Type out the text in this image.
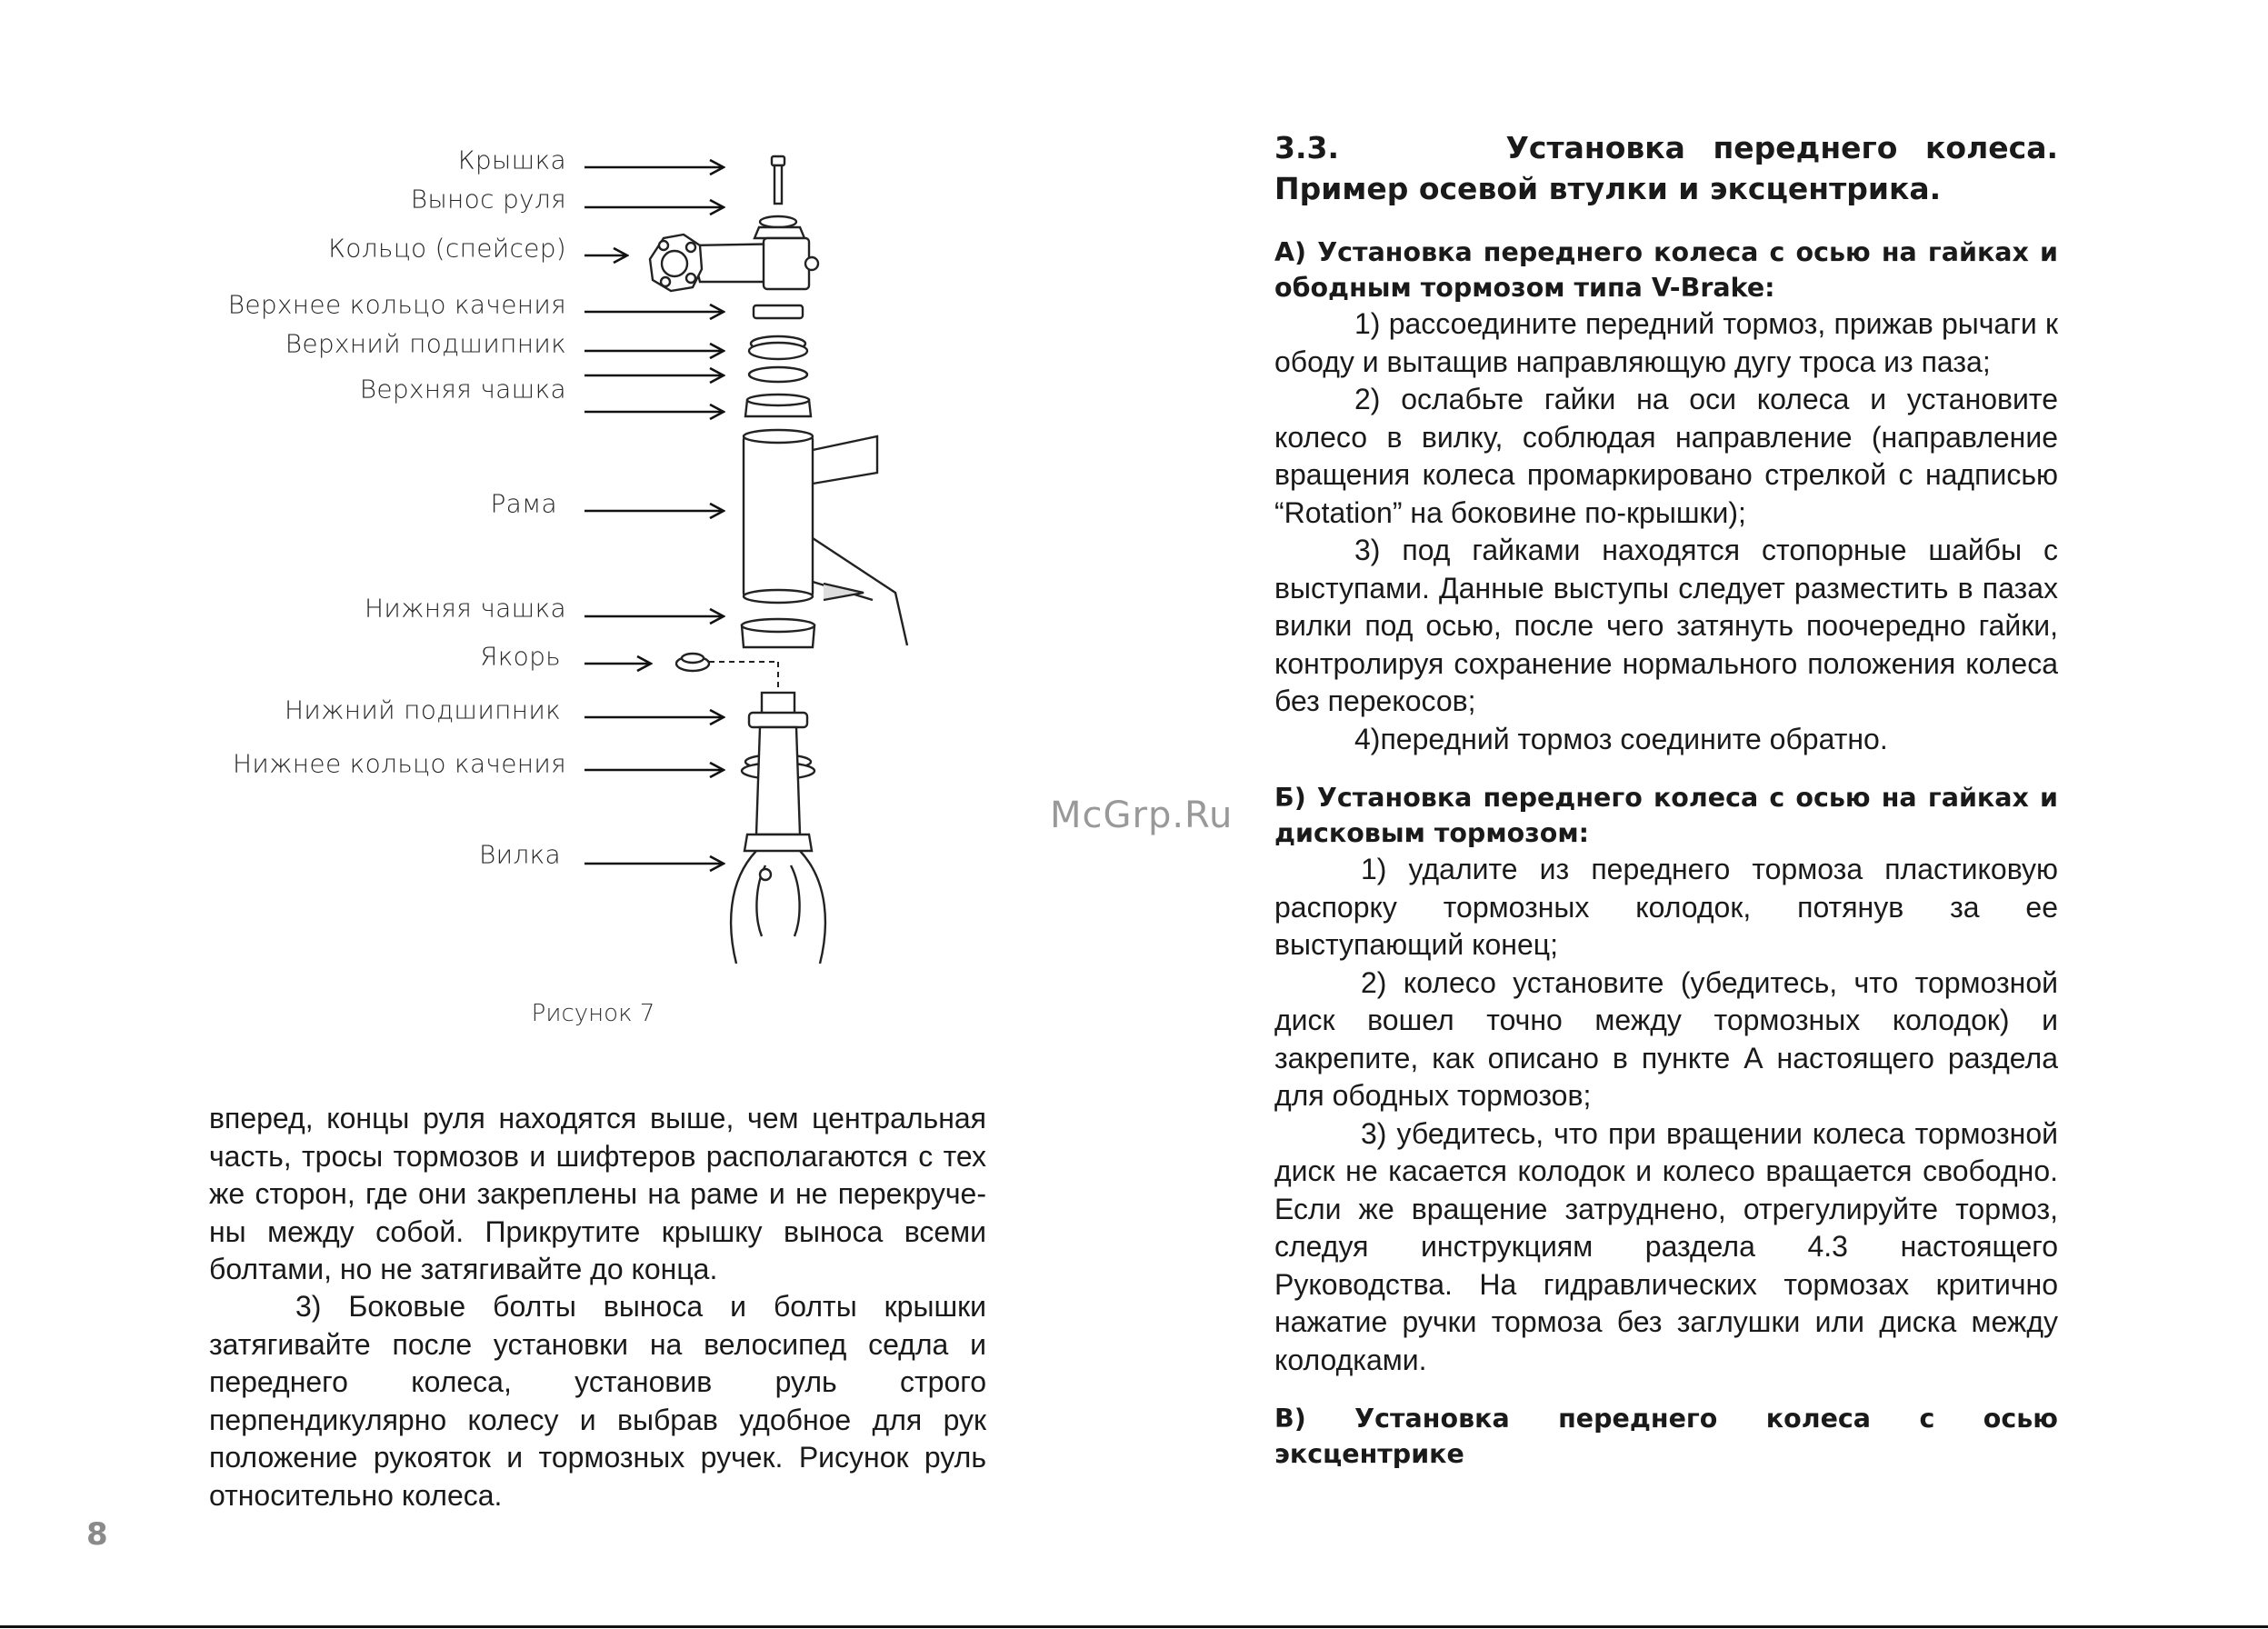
Крышка
Вынос руля
Кольцо (спейсер)
Верхнее кольцо качения
Верхний подшипник
Верхняя чашка
Рама
Нижняя чашка
Якорь
Нижний подшипник
Нижнее кольцо качения
Вилка
Рисунок 7
вперед, концы руля находятся выше, чем центральная
часть, тросы тормозов и шифтеров располагаются с тех
же сторон, где они закреплены на раме и не перекруче-
ны между собой. Прикрутите крышку выноса всеми
болтами, но не затягивайте до конца.

3) Боковые болты выноса и болты крышки затягивайте после установки на велосипед седла и переднего колеса, установив руль строго перпендикулярно колесу и выбрав удобное для рук положение рукояток и тормозных ручек. Рисунок руль относительно колеса.

8
McGrp.Ru
3.3.      Установка переднего колеса. Пример осевой втулки и эксцентрика.
А) Установка переднего колеса с осью на гайках и ободным тормозом типа V-Brake:

1) рассоедините передний тормоз, прижав рычаги к ободу и вытащив направляющую дугу троса из паза;

2) ослабьте гайки на оси колеса и установите колесо в вилку, соблюдая направление (направление вращения колеса промаркировано стрелкой с надписью “Rotation” на боковине по-крышки);

3) под гайками находятся стопорные шайбы с выступами. Данные выступы следует разместить в пазах вилки под осью, после чего затянуть поочередно гайки, контролируя сохранение нормального положения колеса без перекосов;

4)передний тормоз соедините обратно.

Б) Установка переднего колеса с осью на гайках и дисковым тормозом:

1) удалите из переднего тормоза пластиковую распорку тормозных колодок, потянув за ее выступающий конец;

2) колесо установите (убедитесь, что тормозной диск вошел точно между тормозных колодок) и закрепите, как описано в пункте А настоящего раздела для ободных тормозов;

3) убедитесь, что при вращении колеса тормозной диск не касается колодок и колесо вращается свободно. Если же вращение затруднено, отрегулируйте тормоз, следуя инструкциям раздела 4.3 настоящего Руководства. На гидравлических тормозах критично нажатие ручки тормоза без заглушки или диска между колодками.

В) Установка переднего колеса с осью эксцентрике
